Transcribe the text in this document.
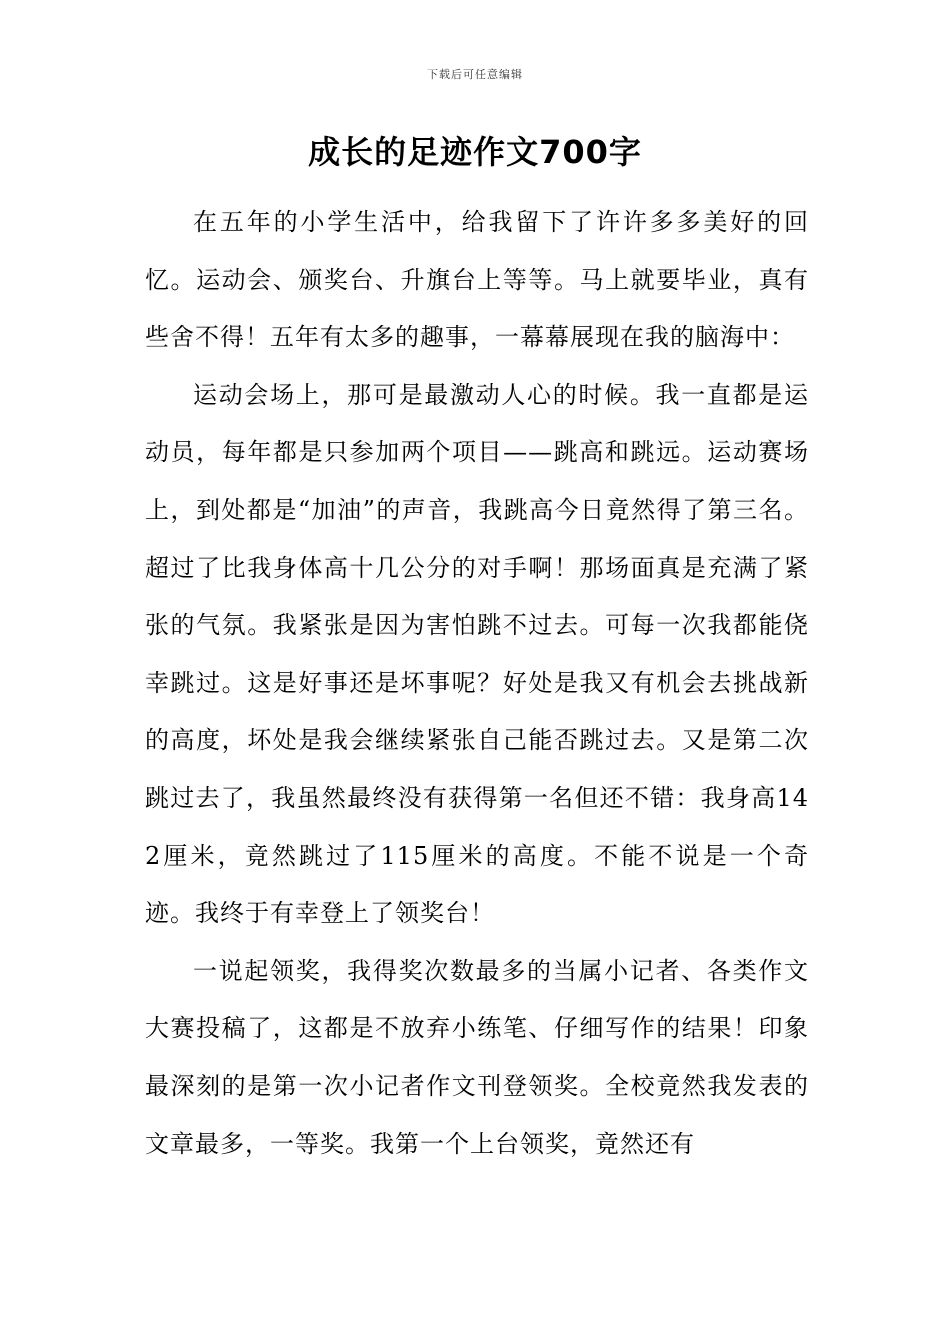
下载后可任意编辑
成长的足迹作文700字

在五年的小学生活中，给我留下了许许多多美好的回忆。运动会、颁奖台、升旗台上等等。马上就要毕业，真有些舍不得！五年有太多的趣事，一幕幕展现在我的脑海中：

运动会场上，那可是最激动人心的时候。我一直都是运动员，每年都是只参加两个项目——跳高和跳远。运动赛场上，到处都是“加油”的声音，我跳高今日竟然得了第三名。超过了比我身体高十几公分的对手啊！那场面真是充满了紧张的气氛。我紧张是因为害怕跳不过去。可每一次我都能侥幸跳过。这是好事还是坏事呢？好处是我又有机会去挑战新的高度，坏处是我会继续紧张自己能否跳过去。又是第二次跳过去了，我虽然最终没有获得第一名但还不错：我身高142厘米，竟然跳过了115厘米的高度。不能不说是一个奇迹。我终于有幸登上了领奖台！

一说起领奖，我得奖次数最多的当属小记者、各类作文大赛投稿了，这都是不放弃小练笔、仔细写作的结果！印象最深刻的是第一次小记者作文刊登领奖。全校竟然我发表的文章最多，一等奖。我第一个上台领奖，竟然还有
